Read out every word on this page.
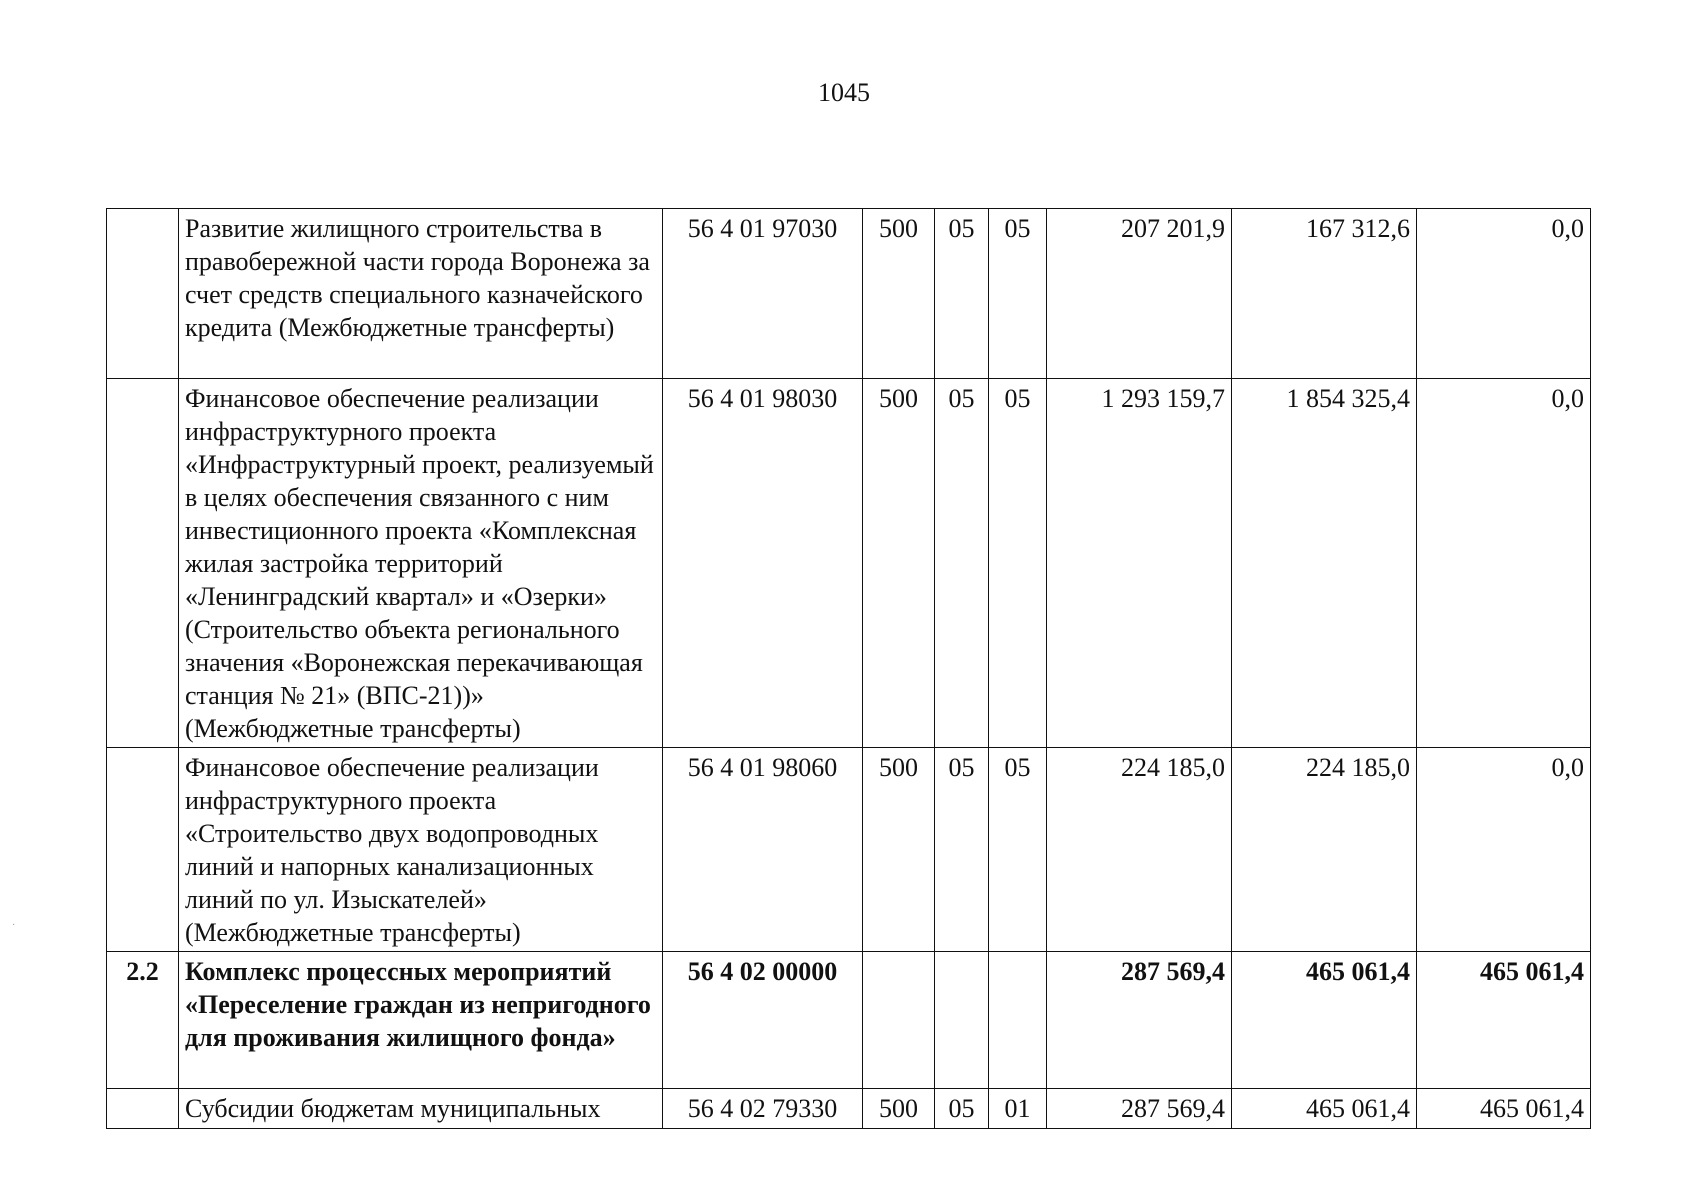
1045
	Развитие жилищного строительства в правобережной части города Воронежа за счет средств специального казначейского кредита (Межбюджетные трансферты)	56 4 01 97030	500	05	05	207 201,9	167 312,6	0,0
	Финансовое обеспечение реализации инфраструктурного проекта «Инфраструктурный проект, реализуемый в целях обеспечения связанного с ним инвестиционного проекта «Комплексная жилая застройка территорий «Ленинградский квартал» и «Озерки» (Строительство объекта регионального значения «Воронежская перекачивающая станция № 21» (ВПС-21))» (Межбюджетные трансферты)	56 4 01 98030	500	05	05	1 293 159,7	1 854 325,4	0,0
	Финансовое обеспечение реализации инфраструктурного проекта «Строительство двух водопроводных линий и напорных канализационных линий по ул. Изыскателей» (Межбюджетные трансферты)	56 4 01 98060	500	05	05	224 185,0	224 185,0	0,0
2.2	Комплекс процессных мероприятий «Переселение граждан из непригодного для проживания жилищного фонда»	56 4 02 00000				287 569,4	465 061,4	465 061,4
	Субсидии бюджетам муниципальных	56 4 02 79330	500	05	01	287 569,4	465 061,4	465 061,4
·
